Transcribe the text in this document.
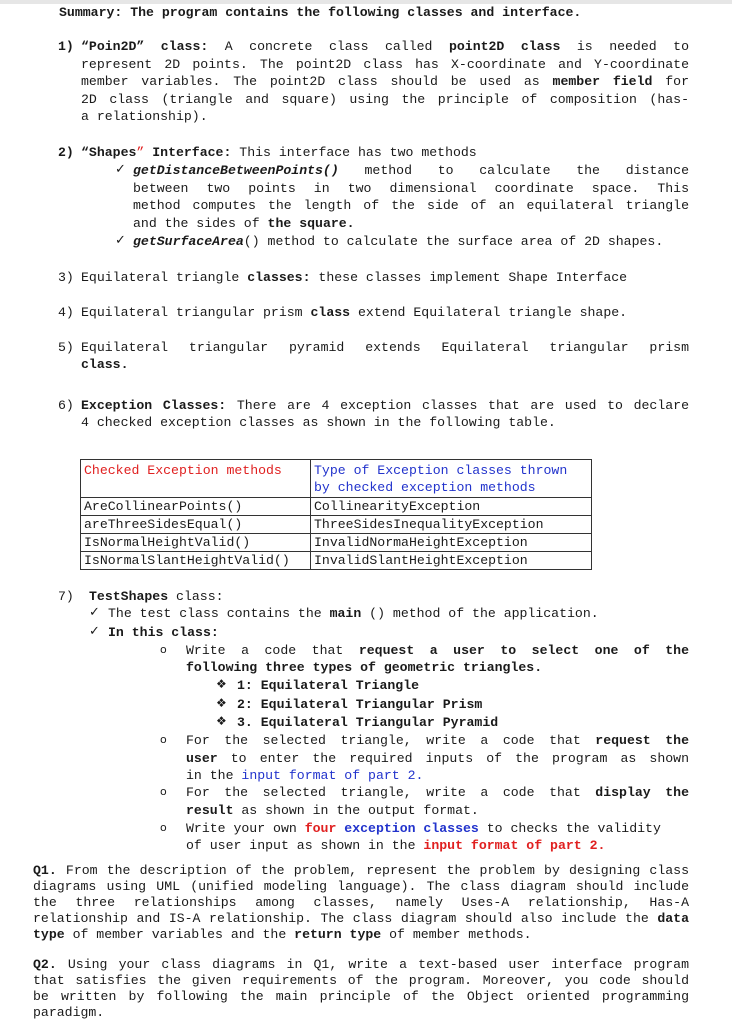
Summary: The program contains the following classes and interface.
1) “Poin2D” class: A concrete class called point2D class is needed to
represent 2D points. The point2D class has X-coordinate and Y-coordinate
member variables. The point2D class should be used as member field for
2D class (triangle and square) using the principle of composition (has-
a relationship).
2) “Shapes” Interface: This interface has two methods
✓ getDistanceBetweenPoints() method to calculate the distance
between two points in two dimensional coordinate space. This
method computes the length of the side of an equilateral triangle
and the sides of the square.
✓ getSurfaceArea() method to calculate the surface area of 2D shapes.
3) Equilateral triangle classes: these classes implement Shape Interface
4) Equilateral triangular prism class extend Equilateral triangle shape.
5) Equilateral triangular pyramid extends Equilateral triangular prism
class.
6) Exception Classes: There are 4 exception classes that are used to declare
4 checked exception classes as shown in the following table.
Checked Exception methods	Type of Exception classes thrown
by checked exception methods
AreCollinearPoints()	CollinearityException
areThreeSidesEqual()	ThreeSidesInequalityException
IsNormalHeightValid()	InvalidNormaHeightException
IsNormalSlantHeightValid()	InvalidSlantHeightException
7) TestShapes class:
✓ The test class contains the main () method of the application.
✓ In this class:
o Write a code that request a user to select one of the
following three types of geometric triangles.
❖ 1: Equilateral Triangle
❖ 2: Equilateral Triangular Prism
❖ 3. Equilateral Triangular Pyramid
o For the selected triangle, write a code that request the
user to enter the required inputs of the program as shown
in the input format of part 2.
o For the selected triangle, write a code that display the
result as shown in the output format.
o Write your own four exception classes to checks the validity
of user input as shown in the input format of part 2.
Q1. From the description of the problem, represent the problem by designing class
diagrams using UML (unified modeling language). The class diagram should include
the three relationships among classes, namely Uses-A relationship, Has-A
relationship and IS-A relationship. The class diagram should also include the data
type of member variables and the return type of member methods.
Q2. Using your class diagrams in Q1, write a text-based user interface program
that satisfies the given requirements of the program. Moreover, you code should
be written by following the main principle of the Object oriented programming
paradigm.
